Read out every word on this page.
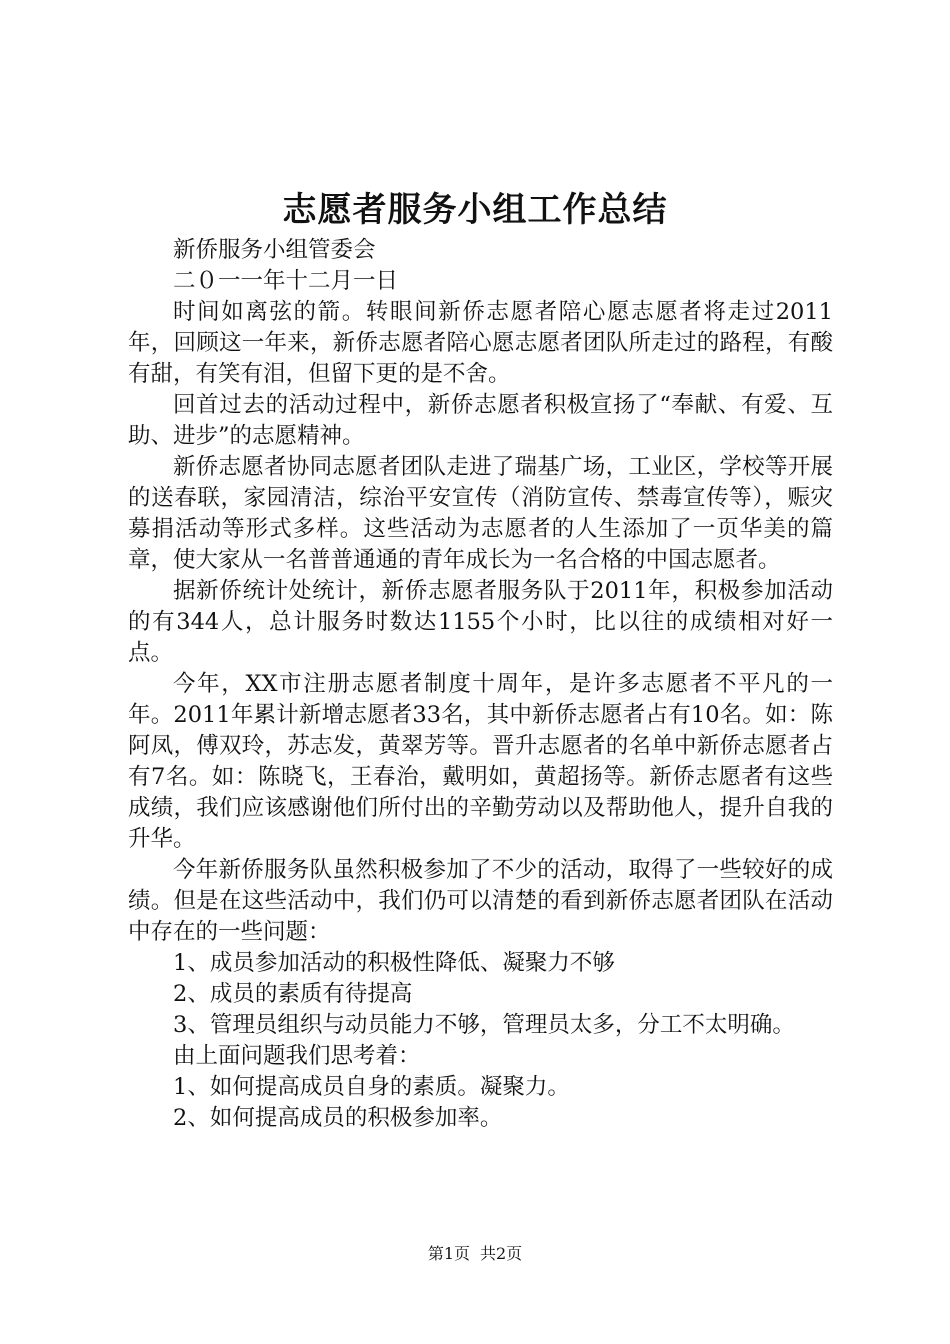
志愿者服务小组工作总结

新侨服务小组管委会

二０一一年十二月一日

时间如离弦的箭。转眼间新侨志愿者陪心愿志愿者将走过2011年，回顾这一年来，新侨志愿者陪心愿志愿者团队所走过的路程，有酸有甜，有笑有泪，但留下更的是不舍。

回首过去的活动过程中，新侨志愿者积极宣扬了“奉献、有爱、互助、进步”的志愿精神。

新侨志愿者协同志愿者团队走进了瑞基广场，工业区，学校等开展的送春联，家园清洁，综治平安宣传（消防宣传、禁毒宣传等），赈灾募捐活动等形式多样。这些活动为志愿者的人生添加了一页华美的篇章，使大家从一名普普通通的青年成长为一名合格的中国志愿者。

据新侨统计处统计，新侨志愿者服务队于2011年，积极参加活动的有344人，总计服务时数达1155个小时，比以往的成绩相对好一点。

今年，XX市注册志愿者制度十周年，是许多志愿者不平凡的一年。2011年累计新增志愿者33名，其中新侨志愿者占有10名。如：陈阿凤，傅双玲，苏志发，黄翠芳等。晋升志愿者的名单中新侨志愿者占有7名。如：陈晓飞，王春治，戴明如，黄超扬等。新侨志愿者有这些成绩，我们应该感谢他们所付出的辛勤劳动以及帮助他人，提升自我的升华。

今年新侨服务队虽然积极参加了不少的活动，取得了一些较好的成绩。但是在这些活动中，我们仍可以清楚的看到新侨志愿者团队在活动中存在的一些问题：

1、成员参加活动的积极性降低、凝聚力不够

2、成员的素质有待提高

3、管理员组织与动员能力不够，管理员太多，分工不太明确。

由上面问题我们思考着：

1、如何提高成员自身的素质。凝聚力。

2、如何提高成员的积极参加率。

第1页 共2页
